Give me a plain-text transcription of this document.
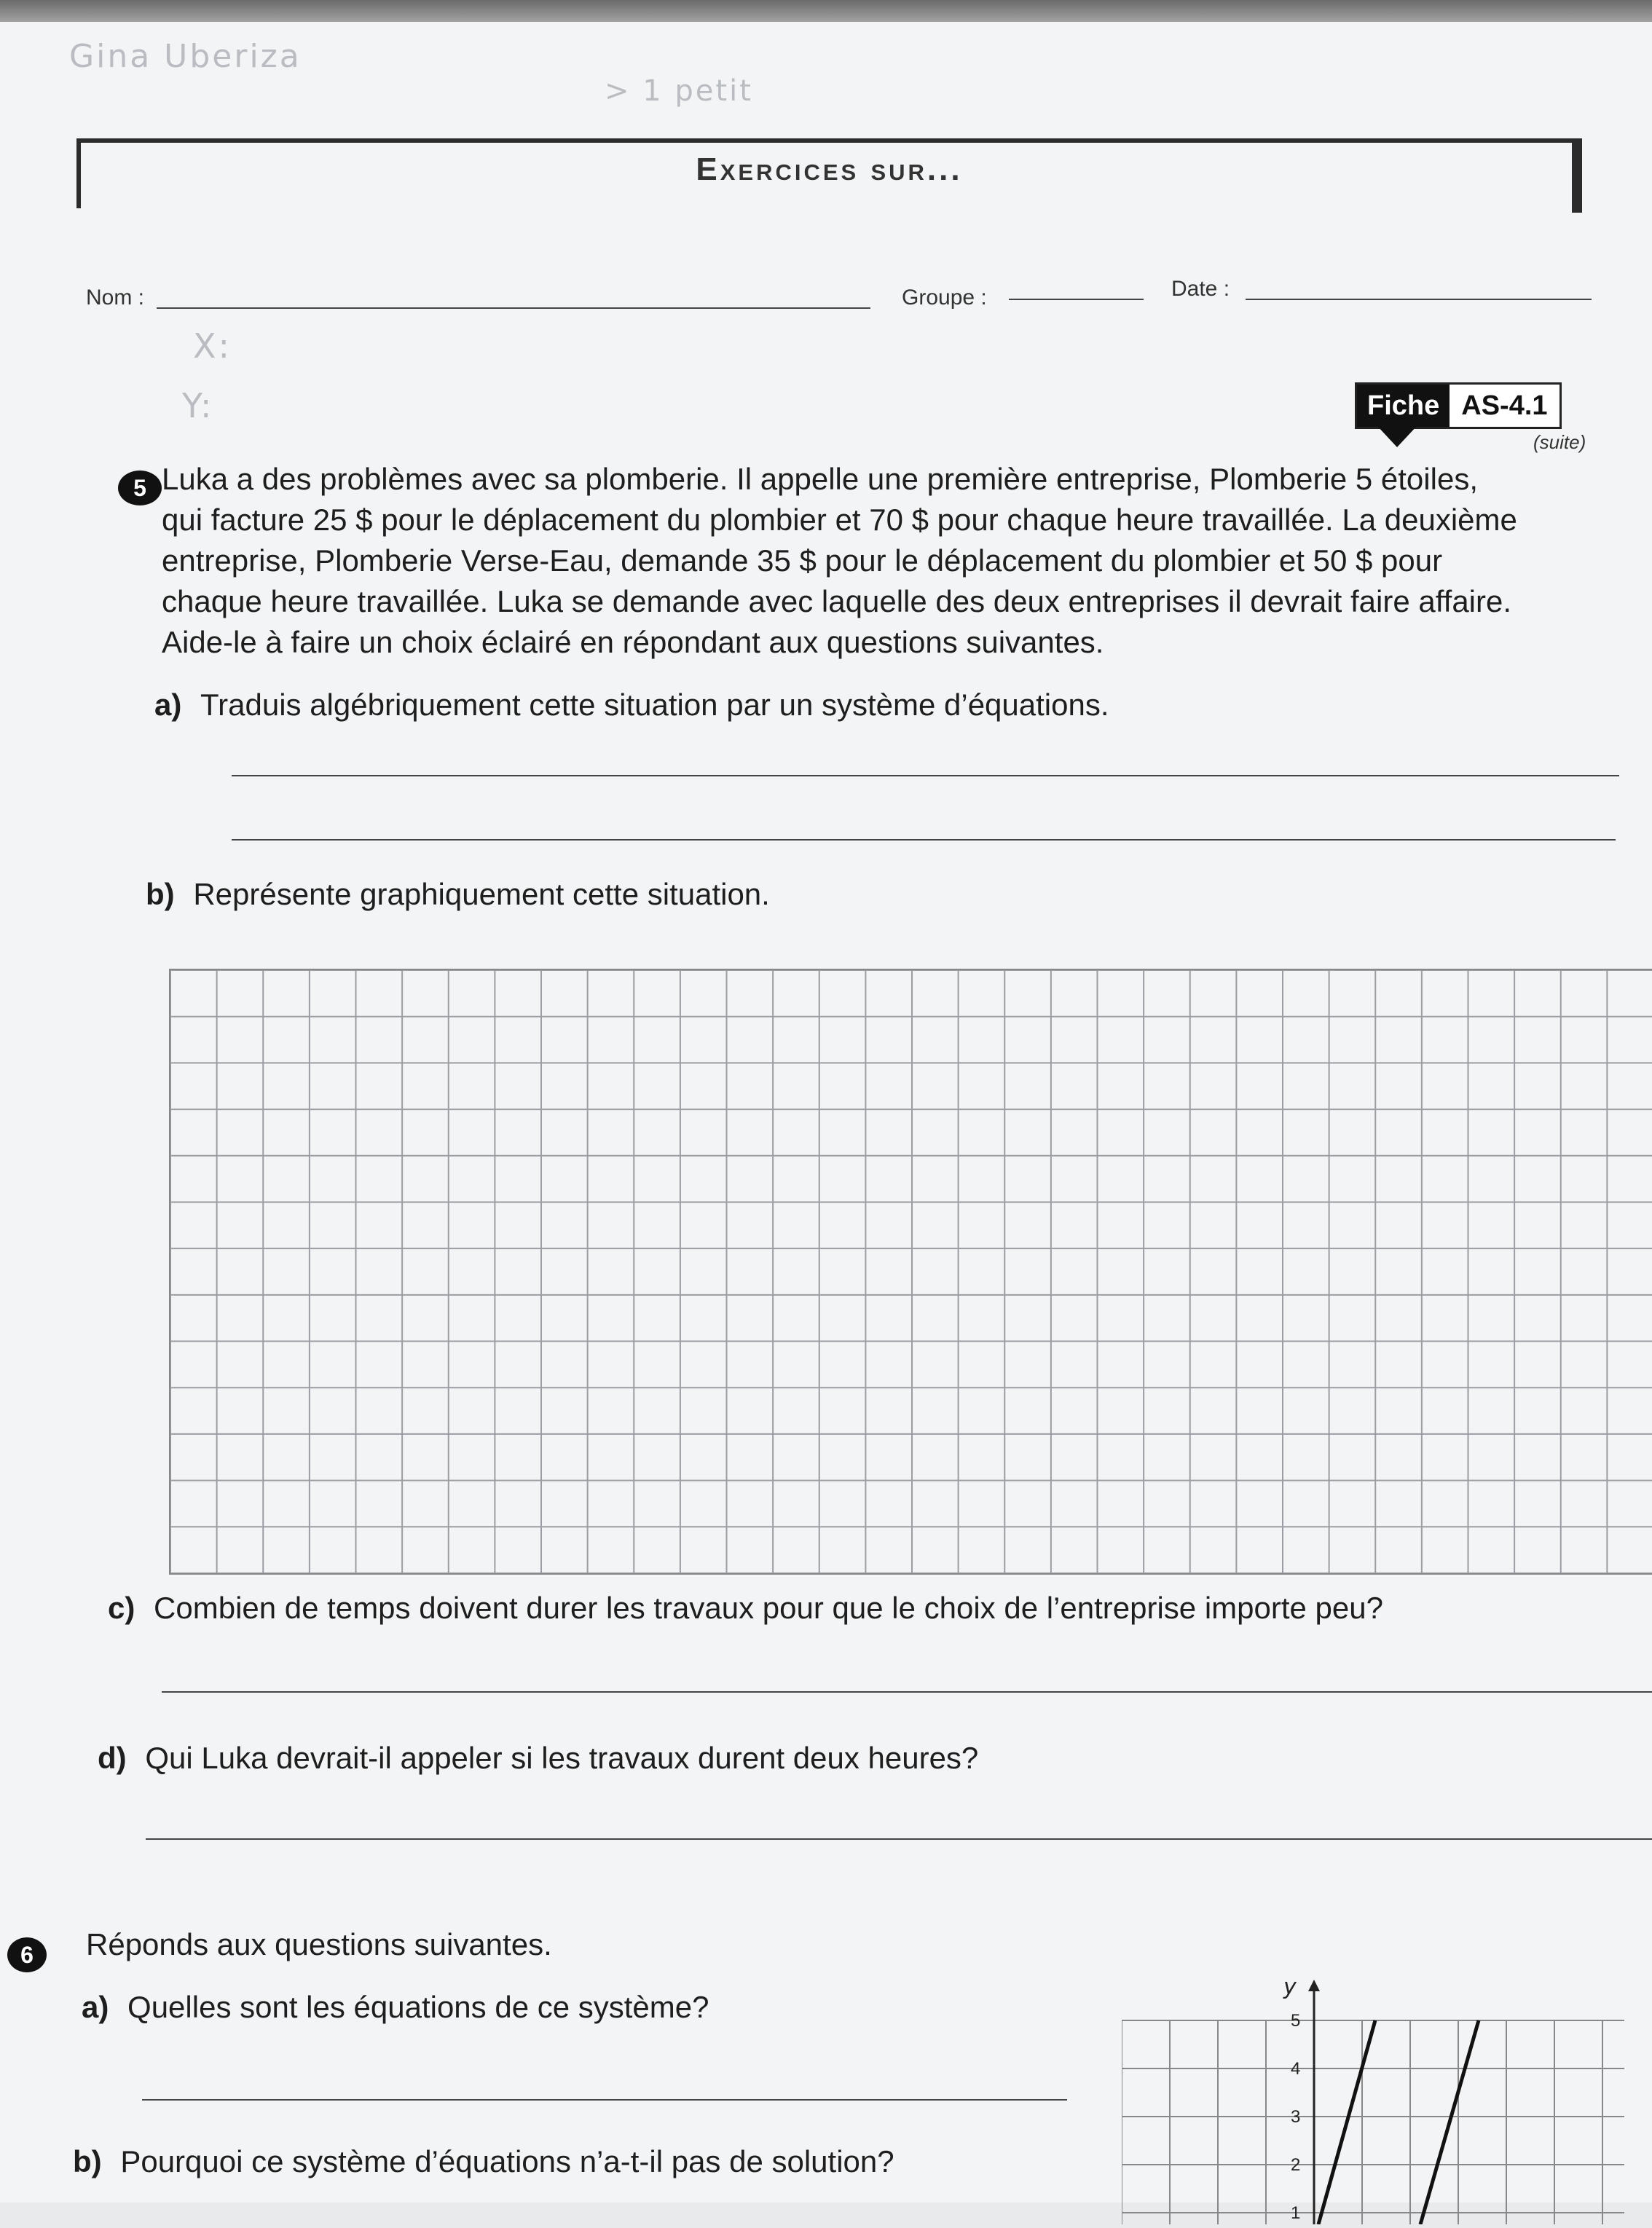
Gina Uberiza
> 1 petit
Exercices sur...
Nom :	Groupe :	Date :
X:
Y:	Fiche AS-4.1
(suite)
5 Luka a des problèmes avec sa plomberie. Il appelle une première entreprise, Plomberie 5 étoiles,
qui facture 25 $ pour le déplacement du plombier et 70 $ pour chaque heure travaillée. La deuxième
entreprise, Plomberie Verse-Eau, demande 35 $ pour le déplacement du plombier et 50 $ pour
chaque heure travaillée. Luka se demande avec laquelle des deux entreprises il devrait faire affaire.
Aide-le à faire un choix éclairé en répondant aux questions suivantes.
a) Traduis algébriquement cette situation par un système d’équations.
b) Représente graphiquement cette situation.
c) Combien de temps doivent durer les travaux pour que le choix de l’entreprise importe peu?
d) Qui Luka devrait-il appeler si les travaux durent deux heures?
6	Réponds aux questions suivantes.
a) Quelles sont les équations de ce système?
b) Pourquoi ce système d’équations n’a-t-il pas de solution?
y
5
4
3
2
1
